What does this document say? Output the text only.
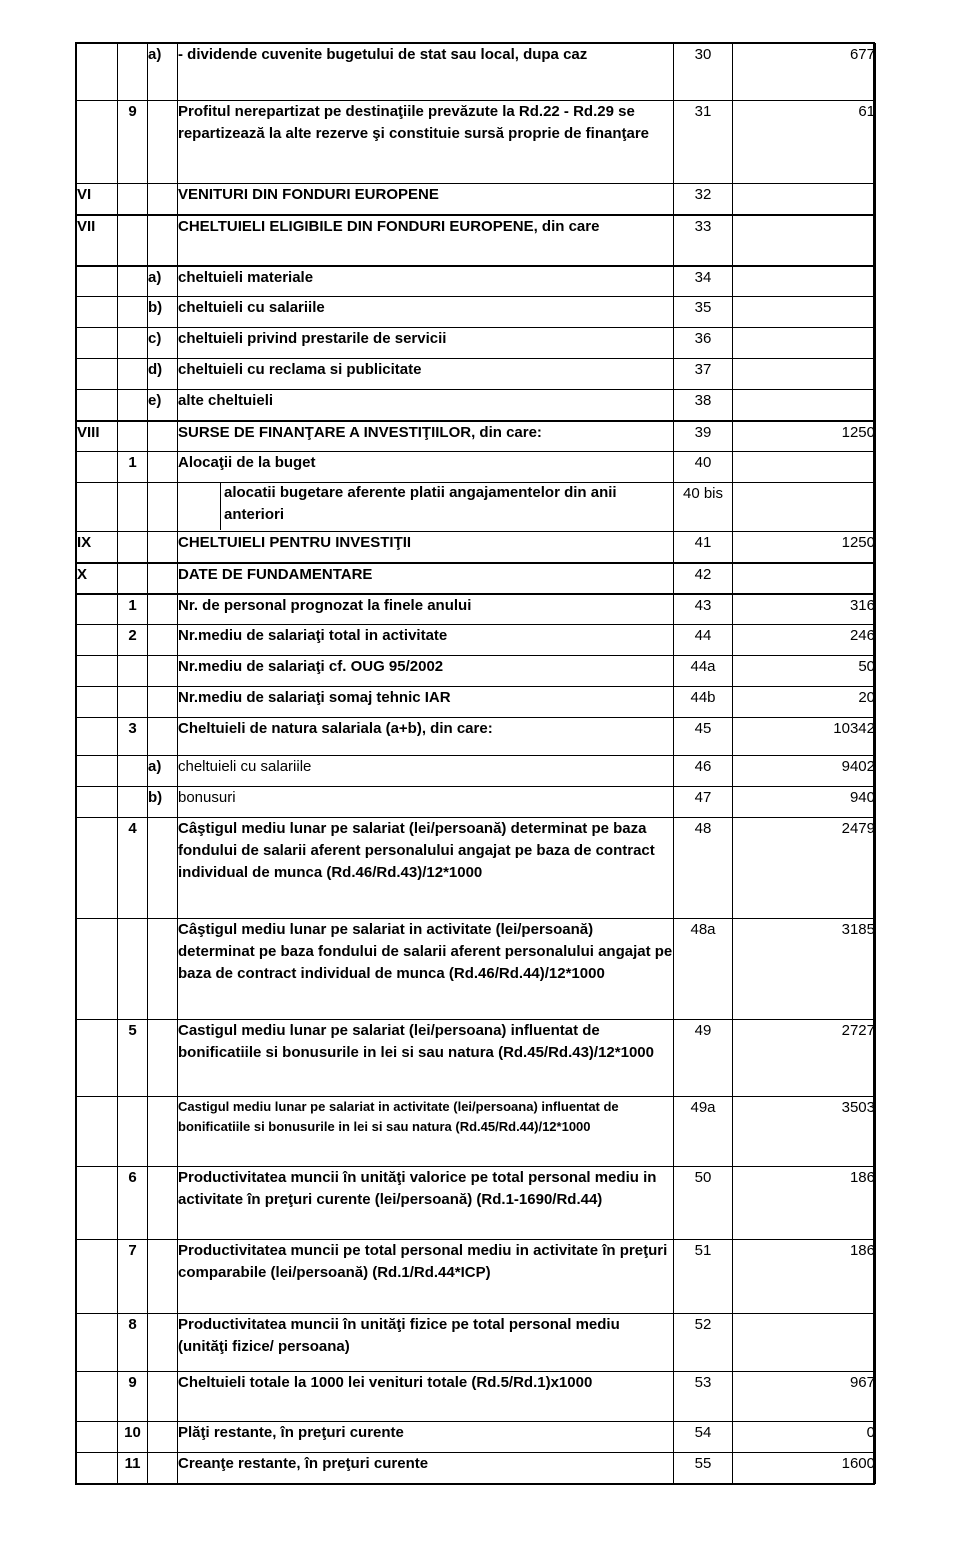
		a)	- dividende cuvenite bugetului de stat sau local, dupa caz	30	677
	9		Profitul nerepartizat pe destinaţiile prevăzute la Rd.22 - Rd.29 se repartizează la alte rezerve şi constituie sursă proprie de finanţare	31	61
VI			VENITURI DIN FONDURI EUROPENE	32	
VII			CHELTUIELI ELIGIBILE DIN FONDURI EUROPENE, din care	33	
		a)	cheltuieli materiale	34	
		b)	cheltuieli cu salariile	35	
		c)	cheltuieli privind prestarile de servicii	36	
		d)	cheltuieli cu reclama si publicitate	37	
		e)	alte cheltuieli	38	
VIII			SURSE DE FINANŢARE A INVESTIŢIILOR, din care:	39	1250
	1		Alocaţii de la buget	40	

			alocatii bugetare aferente platii angajamentelor din anii anteriori	40 bis	
IX			CHELTUIELI PENTRU INVESTIŢII	41	1250
X			DATE DE FUNDAMENTARE	42	
	1		Nr. de personal prognozat la finele anului	43	316
	2		Nr.mediu de salariaţi total in activitate	44	246
			Nr.mediu de salariaţi cf. OUG 95/2002	44a	50
			Nr.mediu de salariaţi somaj tehnic IAR	44b	20
	3		Cheltuieli de natura salariala (a+b), din care:	45	10342
		a)	cheltuieli cu salariile	46	9402
		b)	bonusuri	47	940
	4		Câştigul mediu lunar pe salariat (lei/persoană) determinat pe baza fondului de salarii aferent personalului angajat pe baza de contract individual de munca (Rd.46/Rd.43)/12*1000	48	2479
			Câştigul mediu lunar pe salariat in activitate (lei/persoană) determinat pe baza fondului de salarii aferent personalului angajat pe baza de contract individual de munca (Rd.46/Rd.44)/12*1000	48a	3185
	5		Castigul mediu lunar pe salariat (lei/persoana) influentat de bonificatiile si bonusurile in lei si sau natura (Rd.45/Rd.43)/12*1000	49	2727
			Castigul mediu lunar pe salariat in activitate (lei/persoana) influentat de bonificatiile si bonusurile in lei si sau natura (Rd.45/Rd.44)/12*1000	49a	3503
	6		Productivitatea muncii în unităţi valorice pe total personal mediu in activitate în preţuri curente (lei/persoană) (Rd.1-1690/Rd.44)	50	186
	7		Productivitatea muncii pe total personal mediu in activitate în preţuri comparabile (lei/persoană) (Rd.1/Rd.44*ICP)	51	186
	8		Productivitatea muncii în unităţi fizice pe total personal mediu (unităţi fizice/ persoana)	52	
	9		Cheltuieli totale la 1000 lei venituri totale (Rd.5/Rd.1)x1000	53	967
	10		Plăţi restante, în preţuri curente	54	0
	11		Creanţe restante, în preţuri curente	55	1600
